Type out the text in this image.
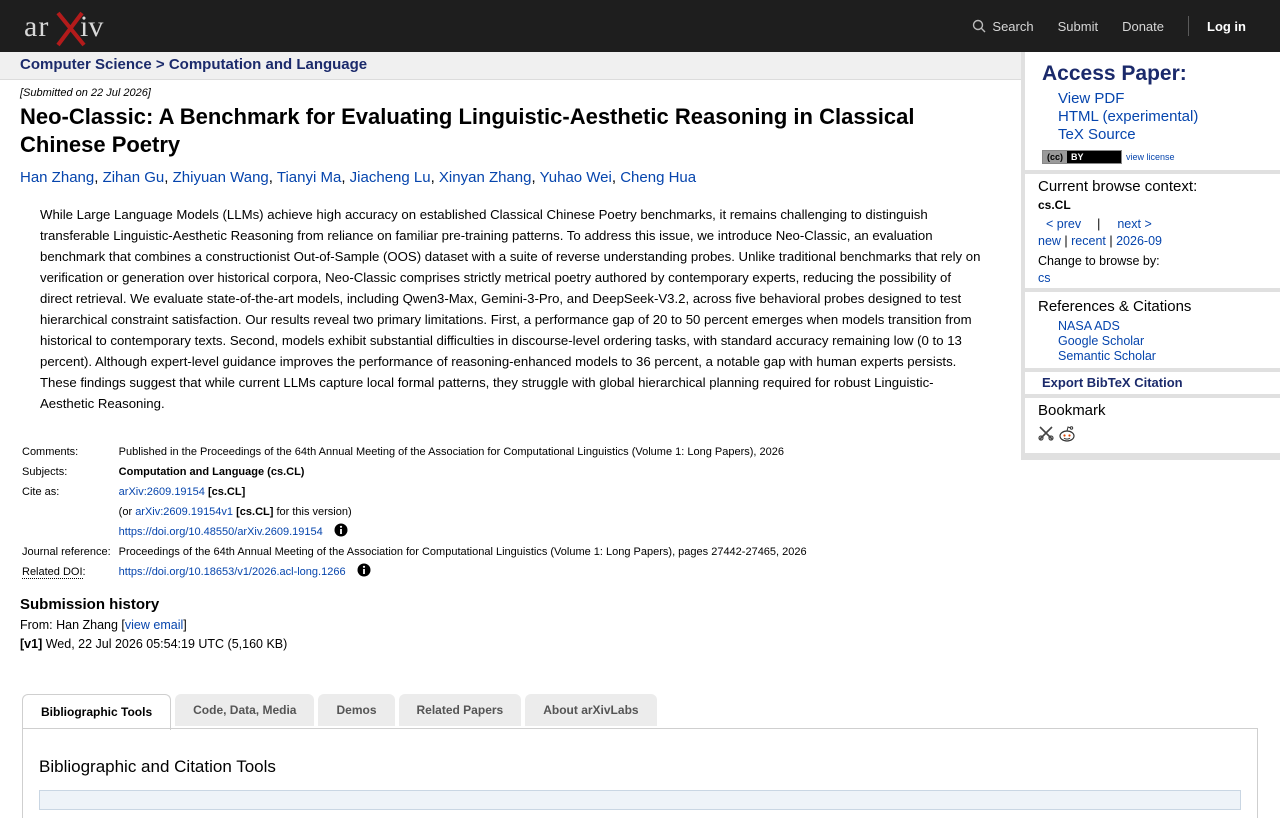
ar iv	Search Submit Donate	Log in
Computer Science > Computation and Language
[Submitted on 22 Jul 2026]
Neo-Classic: A Benchmark for Evaluating Linguistic-Aesthetic Reasoning in Classical Chinese Poetry
Han Zhang, Zihan Gu, Zhiyuan Wang, Tianyi Ma, Jiacheng Lu, Xinyan Zhang, Yuhao Wei, Cheng Hua
While Large Language Models (LLMs) achieve high accuracy on established Classical Chinese Poetry benchmarks, it remains challenging to distinguish transferable Linguistic-Aesthetic Reasoning from reliance on familiar pre-training patterns. To address this issue, we introduce Neo-Classic, an evaluation benchmark that combines a constructionist Out-of-Sample (OOS) dataset with a suite of reverse understanding probes. Unlike traditional benchmarks that rely on verification or generation over historical corpora, Neo-Classic comprises strictly metrical poetry authored by contemporary experts, reducing the possibility of direct retrieval. We evaluate state-of-the-art models, including Qwen3-Max, Gemini-3-Pro, and DeepSeek-V3.2, across five behavioral probes designed to test hierarchical constraint satisfaction. Our results reveal two primary limitations. First, a performance gap of 20 to 50 percent emerges when models transition from historical to contemporary texts. Second, models exhibit substantial difficulties in discourse-level ordering tasks, with standard accuracy remaining low (0 to 13 percent). Although expert-level guidance improves the performance of reasoning-enhanced models to 36 percent, a notable gap with human experts persists. These findings suggest that while current LLMs capture local formal patterns, they struggle with global hierarchical planning required for robust Linguistic-Aesthetic Reasoning.
Comments:	Published in the Proceedings of the 64th Annual Meeting of the Association for Computational Linguistics (Volume 1: Long Papers), 2026
Subjects:	Computation and Language (cs.CL)
Cite as:	arXiv:2609.19154 [cs.CL]
	(or arXiv:2609.19154v1 [cs.CL] for this version)
	https://doi.org/10.48550/arXiv.2609.19154
Journal reference:	Proceedings of the 64th Annual Meeting of the Association for Computational Linguistics (Volume 1: Long Papers), pages 27442-27465, 2026
Related DOI:	https://doi.org/10.18653/v1/2026.acl-long.1266
Submission history
From: Han Zhang [view email]
[v1] Wed, 22 Jul 2026 05:54:19 UTC (5,160 KB)
Bibliographic Tools	Code, Data, Media	Demos	Related Papers	About arXivLabs
Bibliographic and Citation Tools
Access Paper:
View PDF
HTML (experimental)
TeX Source
(cc) BY	view license
Current browse context:
cs.CL
< prev | next >
new | recent | 2026-09
Change to browse by:
cs
References & Citations
NASA ADS
Google Scholar
Semantic Scholar
Export BibTeX Citation
Bookmark
